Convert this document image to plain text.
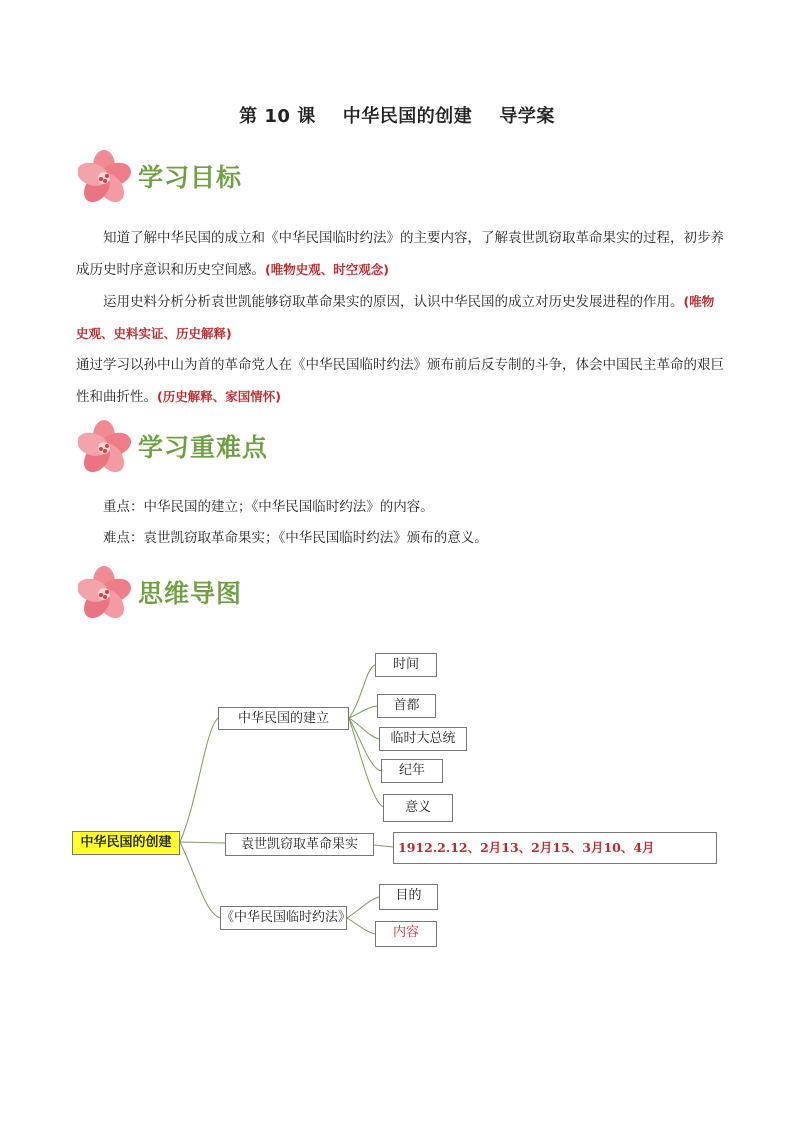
第 10 课    中华民国的创建    导学案
学习目标

知道了解中华民国的成立和《中华民国临时约法》的主要内容，了解袁世凯窃取革命果实的过程，初步养成历史时序意识和历史空间感。(唯物史观、时空观念)

运用史料分析分析袁世凯能够窃取革命果实的原因，认识中华民国的成立对历史发展进程的作用。(唯物史观、史料实证、历史解释)

通过学习以孙中山为首的革命党人在《中华民国临时约法》颁布前后反专制的斗争，体会中国民主革命的艰巨性和曲折性。(历史解释、家国情怀)

学习重难点

重点：中华民国的建立；《中华民国临时约法》的内容。

难点：袁世凯窃取革命果实；《中华民国临时约法》颁布的意义。

思维导图
中华民国的创建
中华民国的建立
时间
首都
临时大总统
纪年
意义
袁世凯窃取革命果实	1912.2.12、2月13、2月15、3月10、4月
《中华民国临时约法》
目的
内容
